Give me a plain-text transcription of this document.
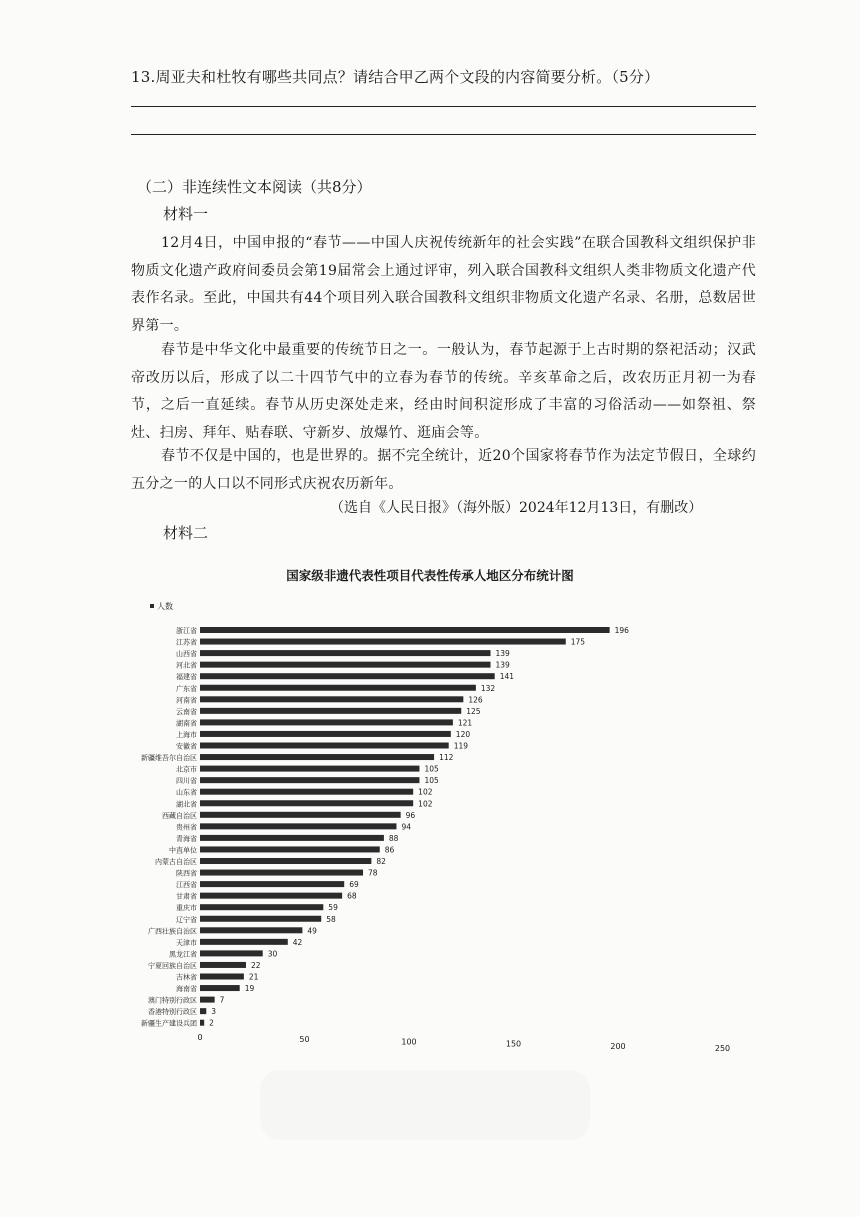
13.周亚夫和杜牧有哪些共同点？请结合甲乙两个文段的内容简要分析。（5分）
（二）非连续性文本阅读（共8分）
材料一
12月4日，中国申报的“春节——中国人庆祝传统新年的社会实践”在联合国教科文组织保护非物质文化遗产政府间委员会第19届常会上通过评审，列入联合国教科文组织人类非物质文化遗产代表作名录。至此，中国共有44个项目列入联合国教科文组织非物质文化遗产名录、名册，总数居世界第一。
春节是中华文化中最重要的传统节日之一。一般认为，春节起源于上古时期的祭祀活动；汉武帝改历以后，形成了以二十四节气中的立春为春节的传统。辛亥革命之后，改农历正月初一为春节，之后一直延续。春节从历史深处走来，经由时间积淀形成了丰富的习俗活动——如祭祖、祭灶、扫房、拜年、贴春联、守新岁、放爆竹、逛庙会等。
春节不仅是中国的，也是世界的。据不完全统计，近20个国家将春节作为法定节假日，全球约五分之一的人口以不同形式庆祝农历新年。
（选自《人民日报》（海外版）2024年12月13日，有删改）
材料二
国家级非遗代表性项目代表性传承人地区分布统计图
人数
浙江省	196
江苏省	175
山西省	139
河北省	139
福建省	141
广东省	132
河南省	126
云南省	125
湖南省	121
上海市	120
安徽省	119
新疆维吾尔自治区	112
北京市	105
四川省	105
山东省	102
湖北省	102
西藏自治区	96
贵州省	94
青海省	88
中直单位	86
内蒙古自治区	82
陕西省	78
江西省	69
甘肃省	68
重庆市	59
辽宁省	58
广西壮族自治区	49
天津市	42
黑龙江省	30
宁夏回族自治区	22
吉林省	21
海南省	19
澳门特别行政区	7
香港特别行政区 3
新疆生产建设兵团 2
0	50	100	150	200	250
